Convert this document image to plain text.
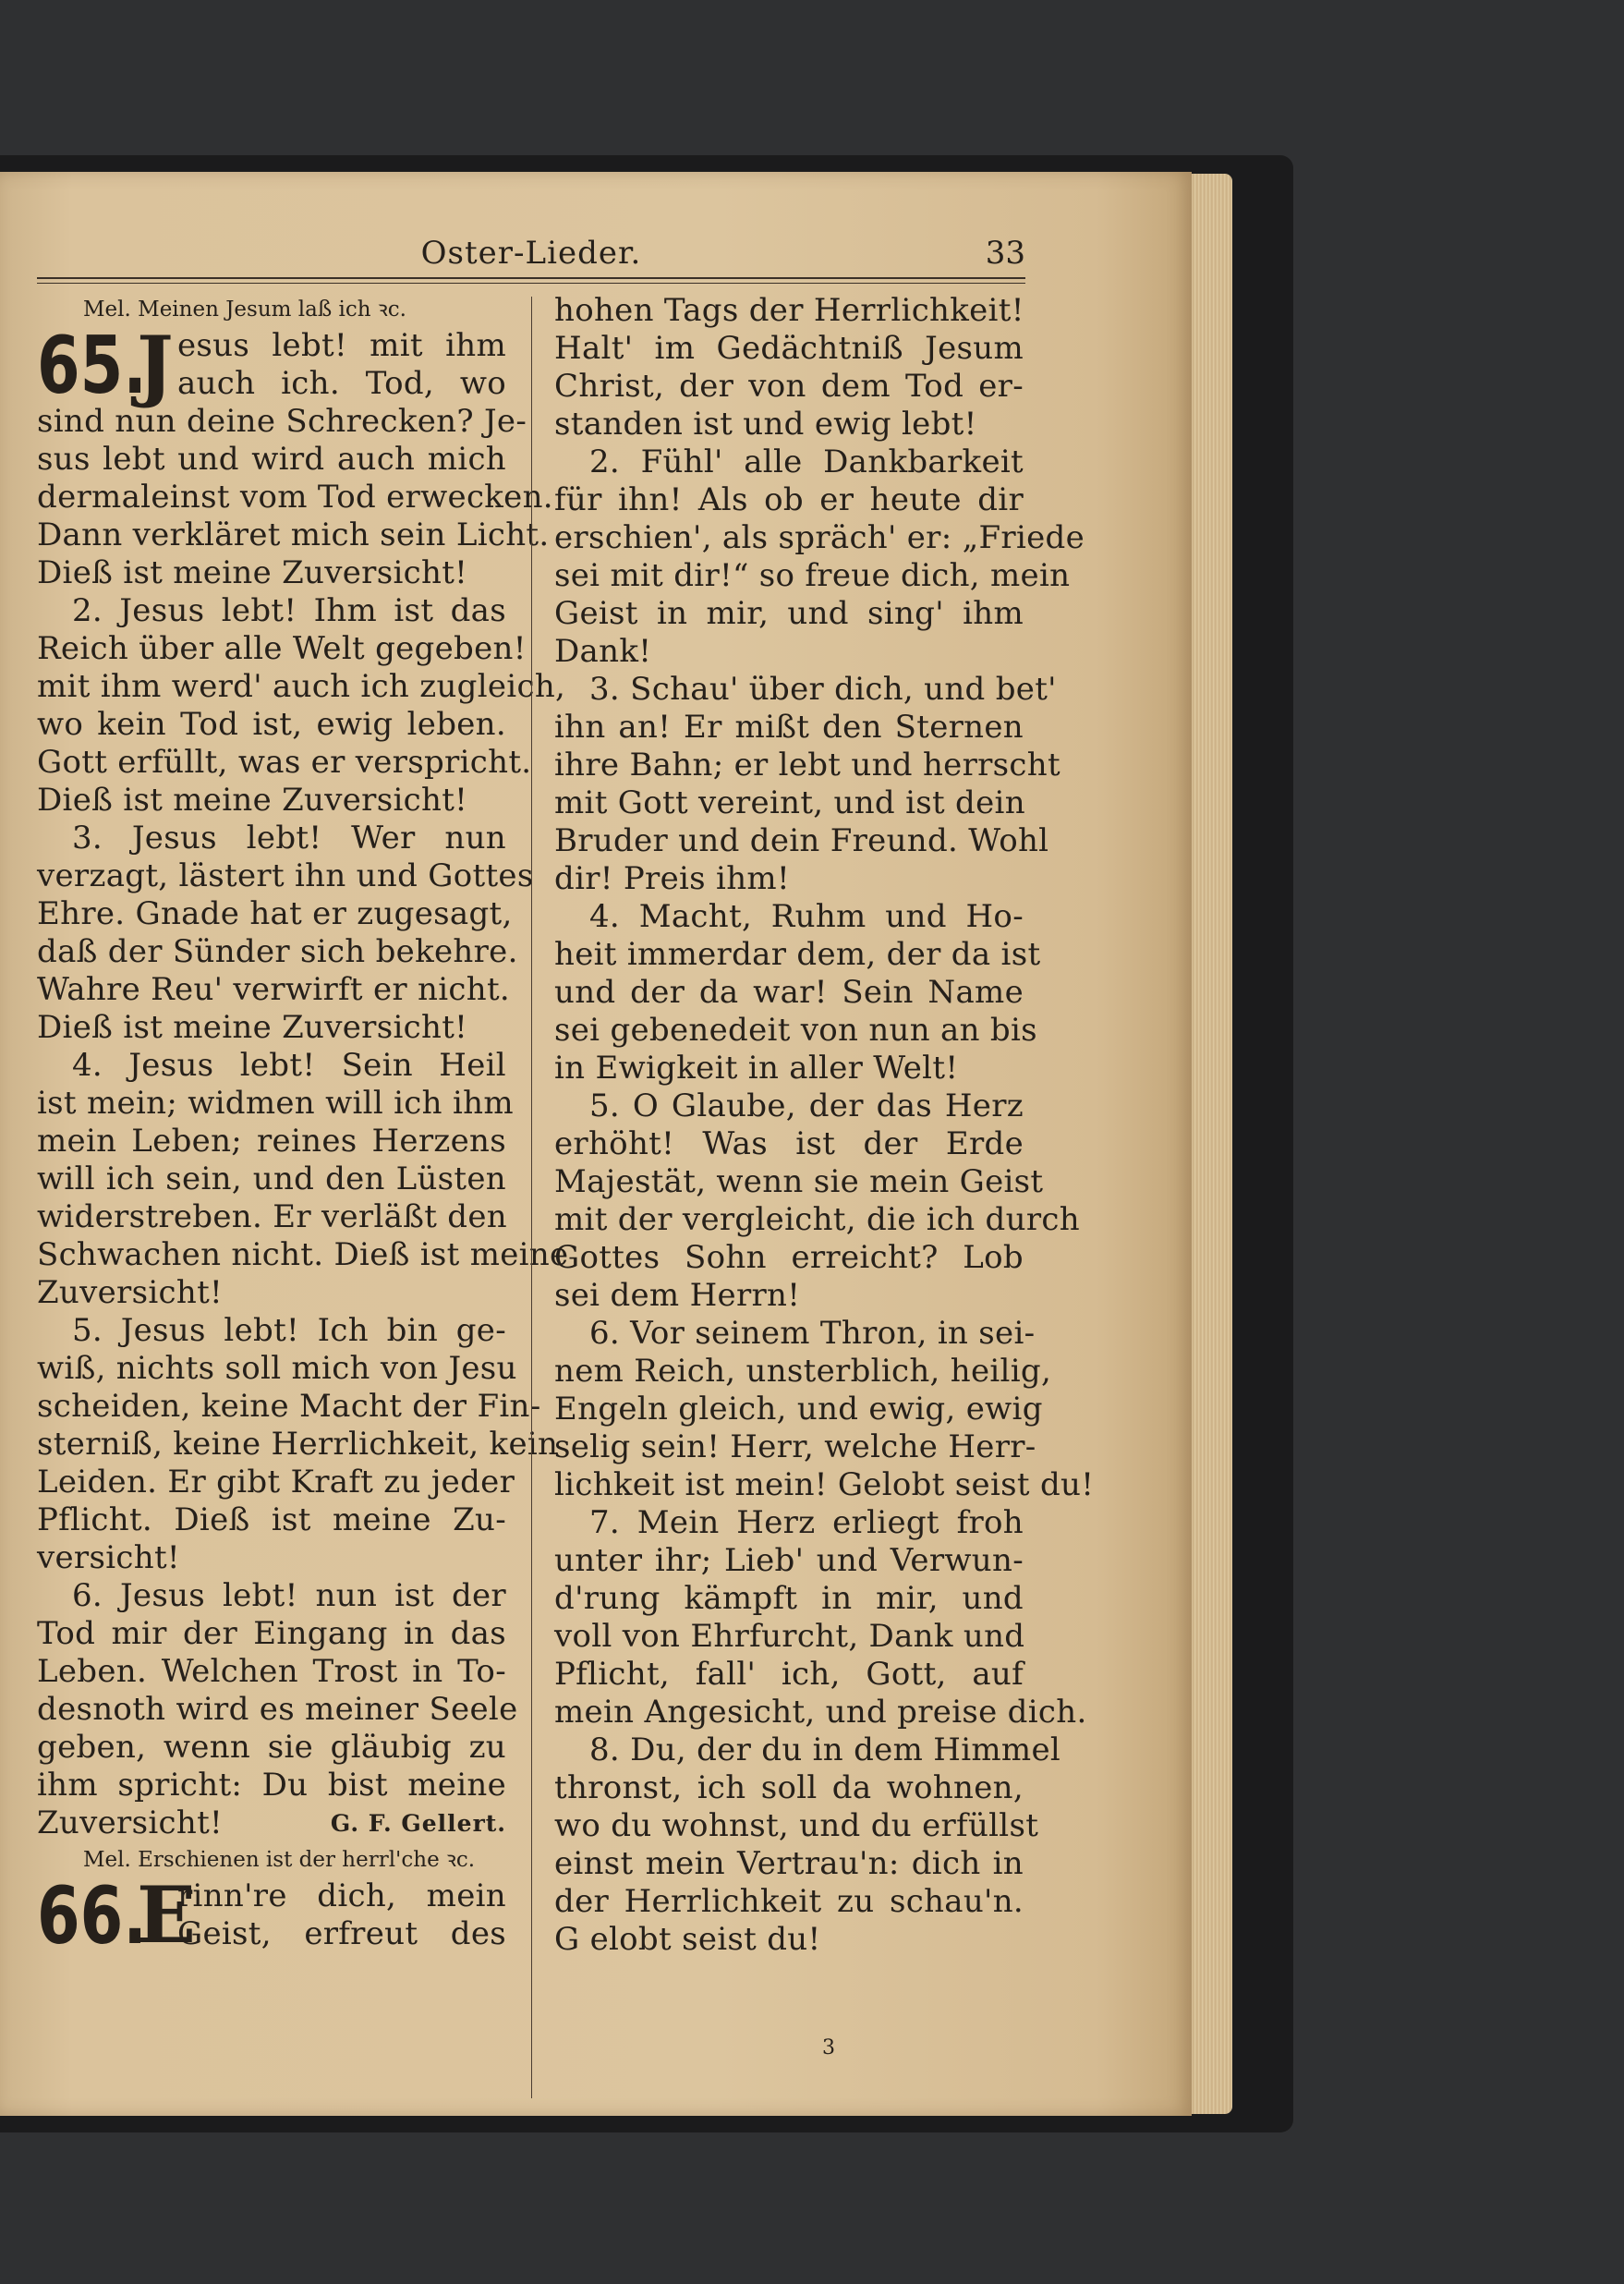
Oster-Lieder.	33
Mel. Meinen Jesum laß ich ꝛc.
65.
J esus lebt! mit ihm
auch ich. Tod, wo
sind nun deine Schrecken? Je-
sus lebt und wird auch mich
dermaleinst vom Tod erwecken.
Dann verkläret mich sein Licht.
Dieß ist meine Zuversicht!
2. Jesus lebt! Ihm ist das
Reich über alle Welt gegeben!
mit ihm werd' auch ich zugleich,
wo kein Tod ist, ewig leben.
Gott erfüllt, was er verspricht.
Dieß ist meine Zuversicht!
3. Jesus lebt! Wer nun
verzagt, lästert ihn und Gottes
Ehre. Gnade hat er zugesagt,
daß der Sünder sich bekehre.
Wahre Reu' verwirft er nicht.
Dieß ist meine Zuversicht!
4. Jesus lebt! Sein Heil
ist mein; widmen will ich ihm
mein Leben; reines Herzens
will ich sein, und den Lüsten
widerstreben. Er verläßt den
Schwachen nicht. Dieß ist meine
Zuversicht!
5. Jesus lebt! Ich bin ge-
wiß, nichts soll mich von Jesu
scheiden, keine Macht der Fin-
sterniß, keine Herrlichkeit, kein
Leiden. Er gibt Kraft zu jeder
Pflicht. Dieß ist meine Zu-
versicht!
6. Jesus lebt! nun ist der
Tod mir der Eingang in das
Leben. Welchen Trost in To-
desnoth wird es meiner Seele
geben, wenn sie gläubig zu
ihm spricht: Du bist meine
Zuversicht!	G. F. Gellert.
Mel. Erschienen ist der herrl'che ꝛc.
66.
E
rinn're dich, mein
Geist, erfreut des
hohen Tags der Herrlichkeit!
Halt' im Gedächtniß Jesum
Christ, der von dem Tod er-
standen ist und ewig lebt!
2. Fühl' alle Dankbarkeit
für ihn! Als ob er heute dir
erschien', als spräch' er: „Friede
sei mit dir!“ so freue dich, mein
Geist in mir, und sing' ihm
Dank!
3. Schau' über dich, und bet'
ihn an! Er mißt den Sternen
ihre Bahn; er lebt und herrscht
mit Gott vereint, und ist dein
Bruder und dein Freund. Wohl
dir! Preis ihm!
4. Macht, Ruhm und Ho-
heit immerdar dem, der da ist
und der da war! Sein Name
sei gebenedeit von nun an bis
in Ewigkeit in aller Welt!
5. O Glaube, der das Herz
erhöht! Was ist der Erde
Majestät, wenn sie mein Geist
mit der vergleicht, die ich durch
Gottes Sohn erreicht? Lob
sei dem Herrn!
6. Vor seinem Thron, in sei-
nem Reich, unsterblich, heilig,
Engeln gleich, und ewig, ewig
selig sein! Herr, welche Herr-
lichkeit ist mein! Gelobt seist du!
7. Mein Herz erliegt froh
unter ihr; Lieb' und Verwun-
d'rung kämpft in mir, und
voll von Ehrfurcht, Dank und
Pflicht, fall' ich, Gott, auf
mein Angesicht, und preise dich.
8. Du, der du in dem Himmel
thronst, ich soll da wohnen,
wo du wohnst, und du erfüllst
einst mein Vertrau'n: dich in
der Herrlichkeit zu schau'n.
G elobt seist du!
3
